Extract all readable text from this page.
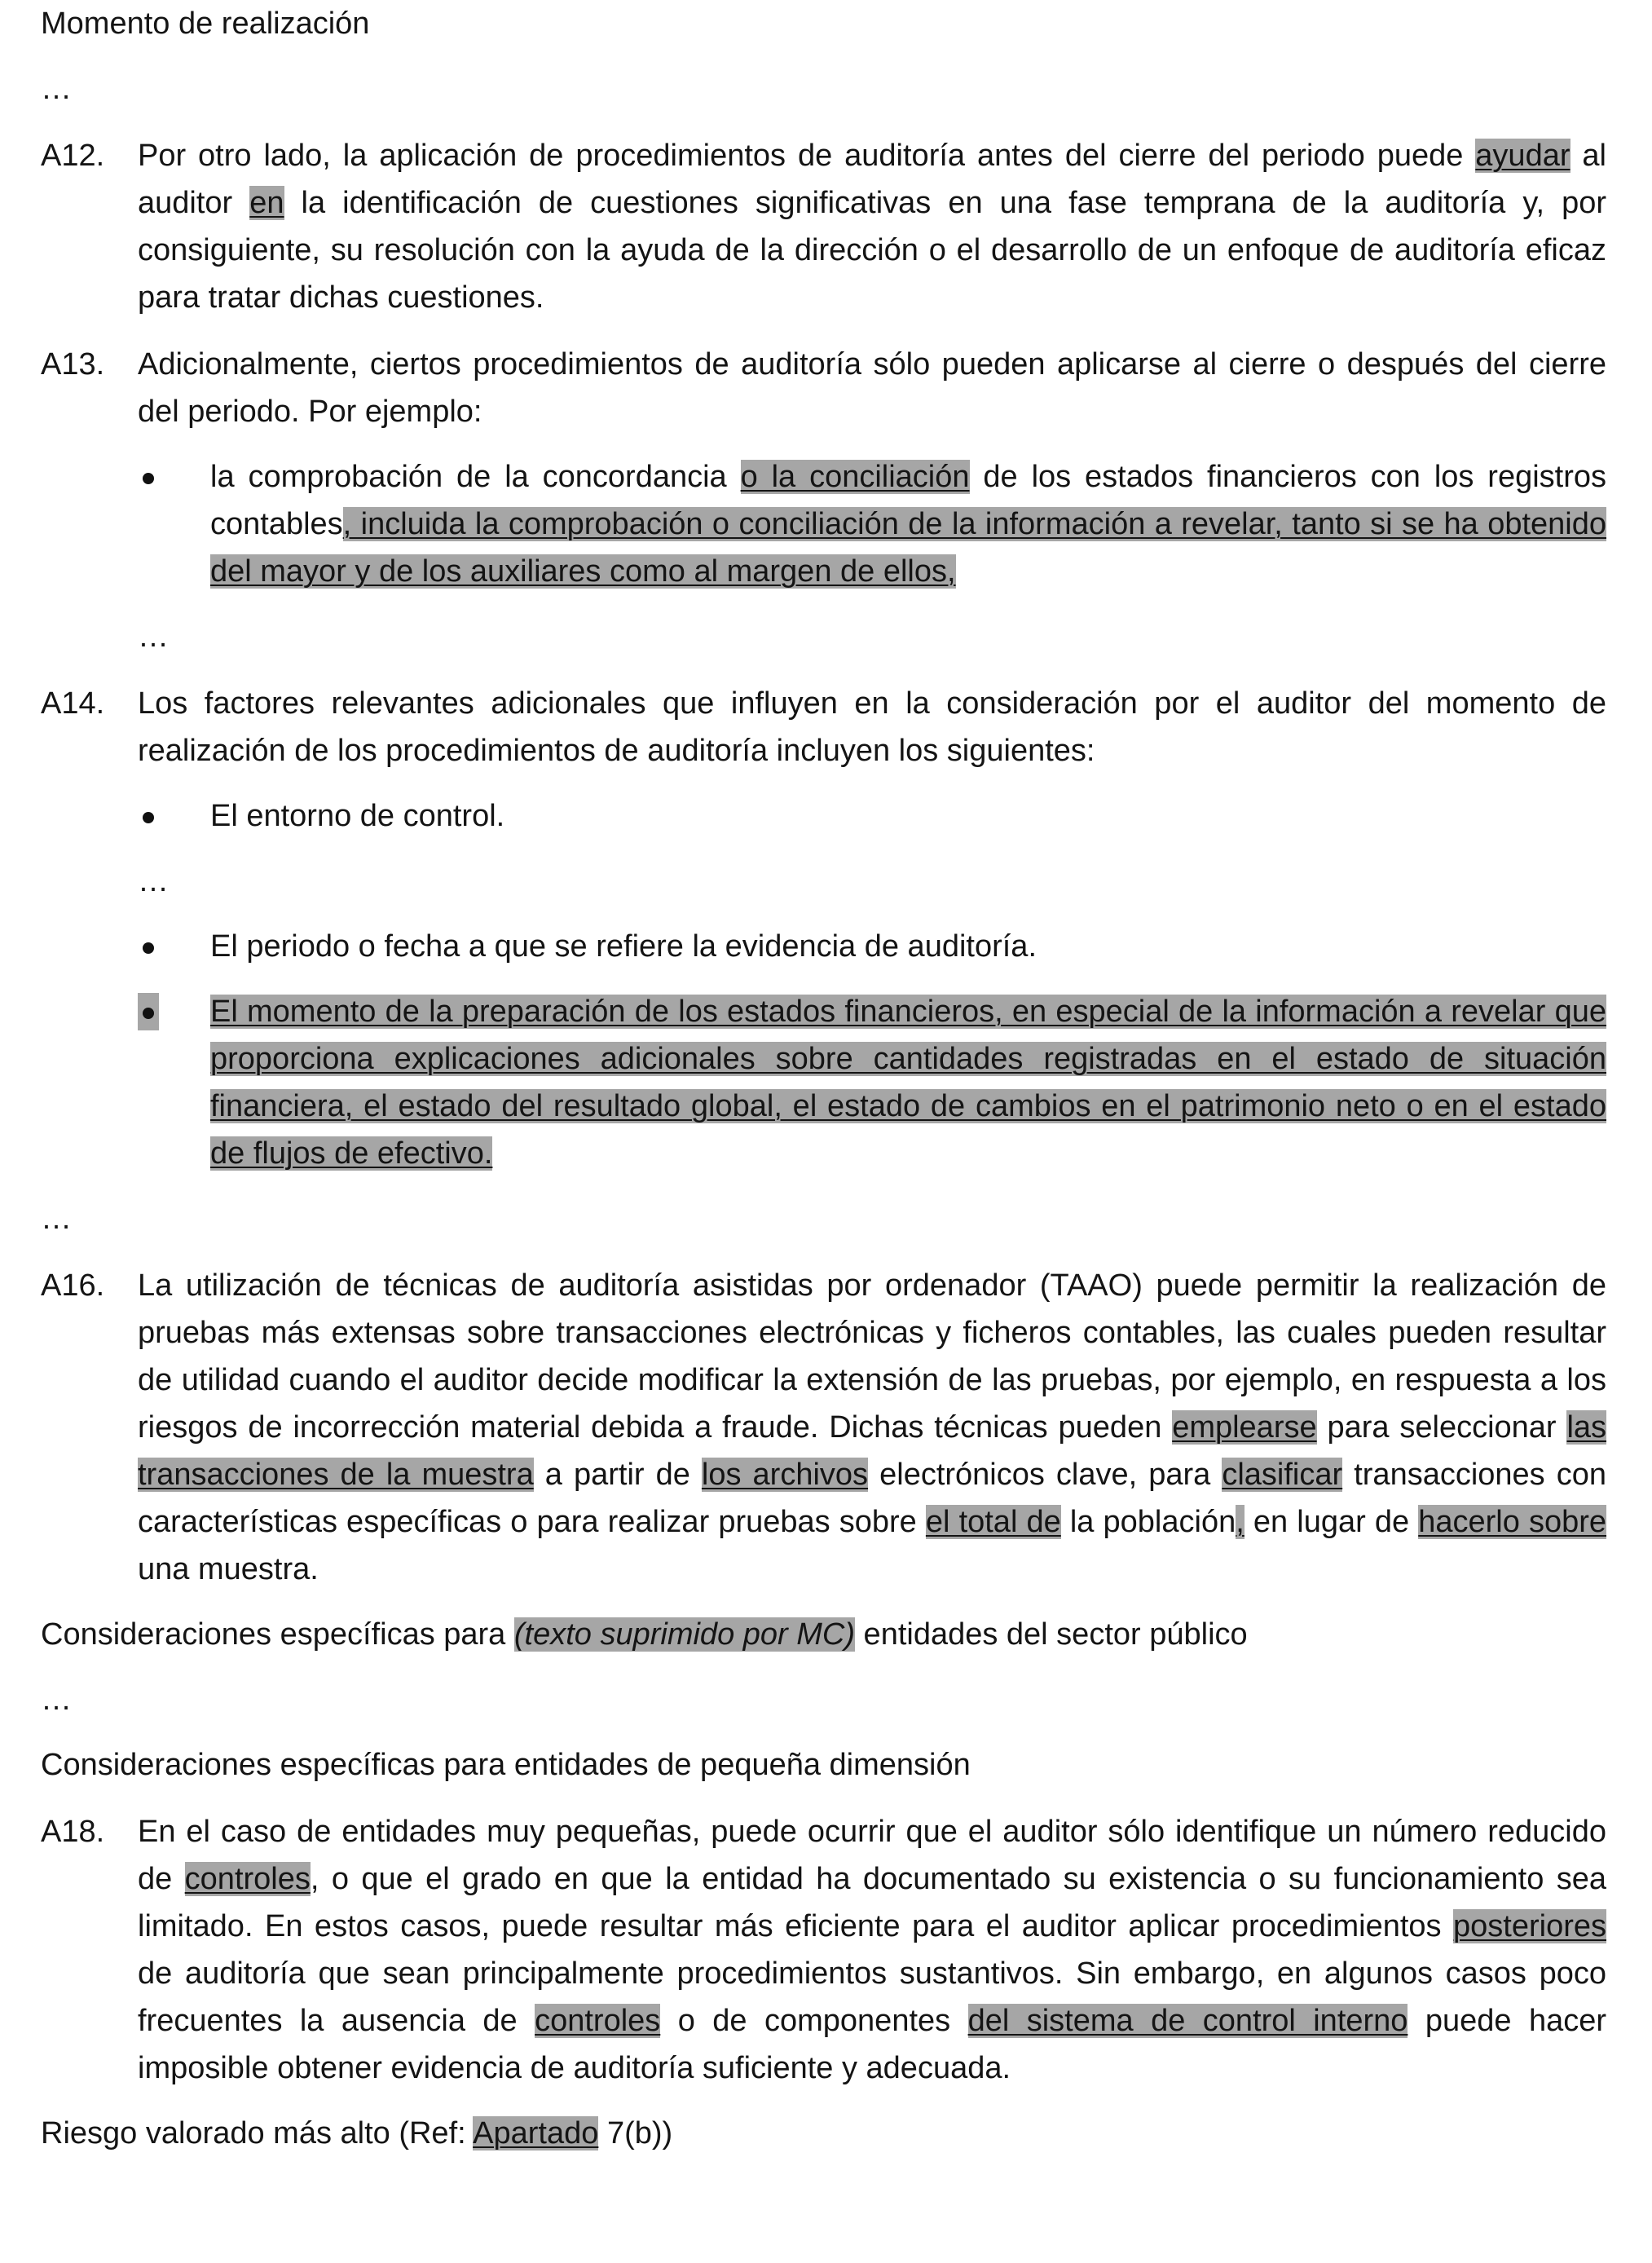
Momento de realización

…

A12.	Por otro lado, la aplicación de procedimientos de auditoría antes del cierre del periodo puede ayudar al auditor en la identificación de cuestiones significativas en una fase temprana de la auditoría y, por consiguiente, su resolución con la ayuda de la dirección o el desarrollo de un enfoque de auditoría eficaz para tratar dichas cuestiones.
A13.	Adicionalmente, ciertos procedimientos de auditoría sólo pueden aplicarse al cierre o después del cierre del periodo. Por ejemplo:
la comprobación de la concordancia o la conciliación de los estados financieros con los registros contables, incluida la comprobación o conciliación de la información a revelar, tanto si se ha obtenido del mayor y de los auxiliares como al margen de ellos,

…

A14.	Los factores relevantes adicionales que influyen en la consideración por el auditor del momento de realización de los procedimientos de auditoría incluyen los siguientes:
El entorno de control.

…

El periodo o fecha a que se refiere la evidencia de auditoría.
El momento de la preparación de los estados financieros, en especial de la información a revelar que proporciona explicaciones adicionales sobre cantidades registradas en el estado de situación financiera, el estado del resultado global, el estado de cambios en el patrimonio neto o en el estado de flujos de efectivo.

…

A16.	La utilización de técnicas de auditoría asistidas por ordenador (TAAO) puede permitir la realización de pruebas más extensas sobre transacciones electrónicas y ficheros contables, las cuales pueden resultar de utilidad cuando el auditor decide modificar la extensión de las pruebas, por ejemplo, en respuesta a los riesgos de incorrección material debida a fraude. Dichas técnicas pueden emplearse para seleccionar las transacciones de la muestra a partir de los archivos electrónicos clave, para clasificar transacciones con características específicas o para realizar pruebas sobre el total de la población, en lugar de hacerlo sobre una muestra.

Consideraciones específicas para (texto suprimido por MC) entidades del sector público

…

Consideraciones específicas para entidades de pequeña dimensión

A18.	En el caso de entidades muy pequeñas, puede ocurrir que el auditor sólo identifique un número reducido de controles, o que el grado en que la entidad ha documentado su existencia o su funcionamiento sea limitado. En estos casos, puede resultar más eficiente para el auditor aplicar procedimientos posteriores de auditoría que sean principalmente procedimientos sustantivos. Sin embargo, en algunos casos poco frecuentes la ausencia de controles o de componentes del sistema de control interno puede hacer imposible obtener evidencia de auditoría suficiente y adecuada.

Riesgo valorado más alto (Ref: Apartado 7(b))
